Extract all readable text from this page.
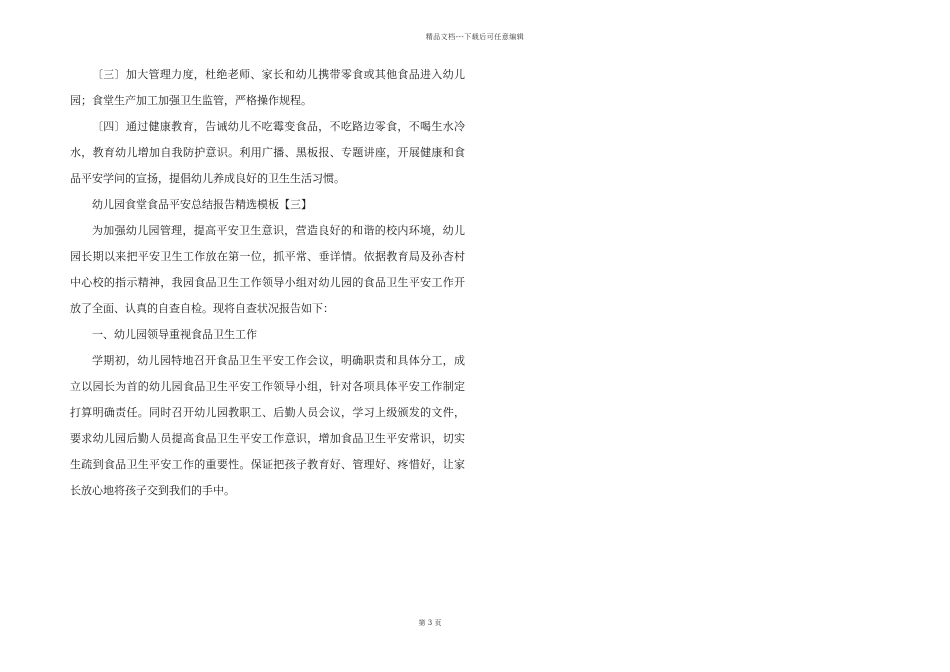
精品文档---下载后可任意编辑

〔三〕加大管理力度，杜绝老师、家长和幼儿携带零食或其他食品进入幼儿园；食堂生产加工加强卫生监管，严格操作规程。

〔四〕通过健康教育，告诫幼儿不吃霉变食品，不吃路边零食，不喝生水冷水，教育幼儿增加自我防护意识。利用广播、黑板报、专题讲座，开展健康和食品平安学问的宣扬，提倡幼儿养成良好的卫生生活习惯。

幼儿园食堂食品平安总结报告精选模板【三】

为加强幼儿园管理，提高平安卫生意识，营造良好的和谐的校内环境，幼儿园长期以来把平安卫生工作放在第一位，抓平常、垂详情。依据教育局及孙杏村中心校的指示精神，我园食品卫生工作领导小组对幼儿园的食品卫生平安工作开放了全面、认真的自查自检。现将自查状况报告如下：

一、幼儿园领导重视食品卫生工作

学期初，幼儿园特地召开食品卫生平安工作会议，明确职责和具体分工，成立以园长为首的幼儿园食品卫生平安工作领导小组，针对各项具体平安工作制定打算明确责任。同时召开幼儿园教职工、后勤人员会议，学习上级颁发的文件，要求幼儿园后勤人员提高食品卫生平安工作意识，增加食品卫生平安常识，切实生疏到食品卫生平安工作的重要性。保证把孩子教育好、管理好、疼惜好，让家长放心地将孩子交到我们的手中。

第 3 页
